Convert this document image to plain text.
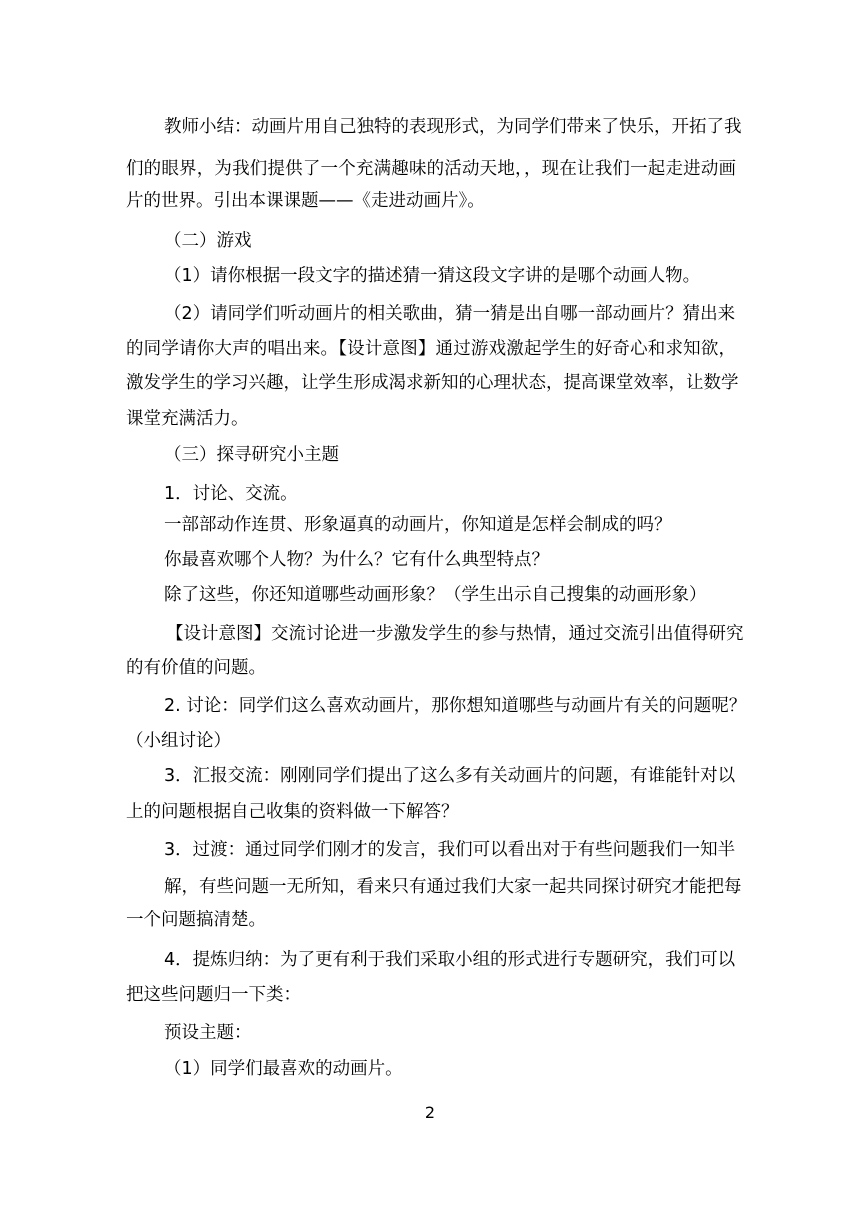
教师小结：动画片用自己独特的表现形式，为同学们带来了快乐，开拓了我

们的眼界，为我们提供了一个充满趣味的活动天地，，现在让我们一起走进动画

片的世界。引出本课课题——《走进动画片》。

（二）游戏

（1）请你根据一段文字的描述猜一猜这段文字讲的是哪个动画人物。

（2）请同学们听动画片的相关歌曲，猜一猜是出自哪一部动画片？猜出来

的同学请你大声的唱出来。【设计意图】通过游戏激起学生的好奇心和求知欲，

激发学生的学习兴趣，让学生形成渴求新知的心理状态，提高课堂效率，让数学

课堂充满活力。

（三）探寻研究小主题

1．讨论、交流。

一部部动作连贯、形象逼真的动画片，你知道是怎样会制成的吗？

你最喜欢哪个人物？为什么？它有什么典型特点？

除了这些，你还知道哪些动画形象？（学生出示自己搜集的动画形象）

【设计意图】交流讨论进一步激发学生的参与热情，通过交流引出值得研究

的有价值的问题。

2. 讨论：同学们这么喜欢动画片，那你想知道哪些与动画片有关的问题呢？

（小组讨论）

3．汇报交流：刚刚同学们提出了这么多有关动画片的问题，有谁能针对以

上的问题根据自己收集的资料做一下解答？

3．过渡：通过同学们刚才的发言，我们可以看出对于有些问题我们一知半

解，有些问题一无所知，看来只有通过我们大家一起共同探讨研究才能把每

一个问题搞清楚。

4．提炼归纳：为了更有利于我们采取小组的形式进行专题研究，我们可以

把这些问题归一下类：

预设主题：

（1）同学们最喜欢的动画片。

2
